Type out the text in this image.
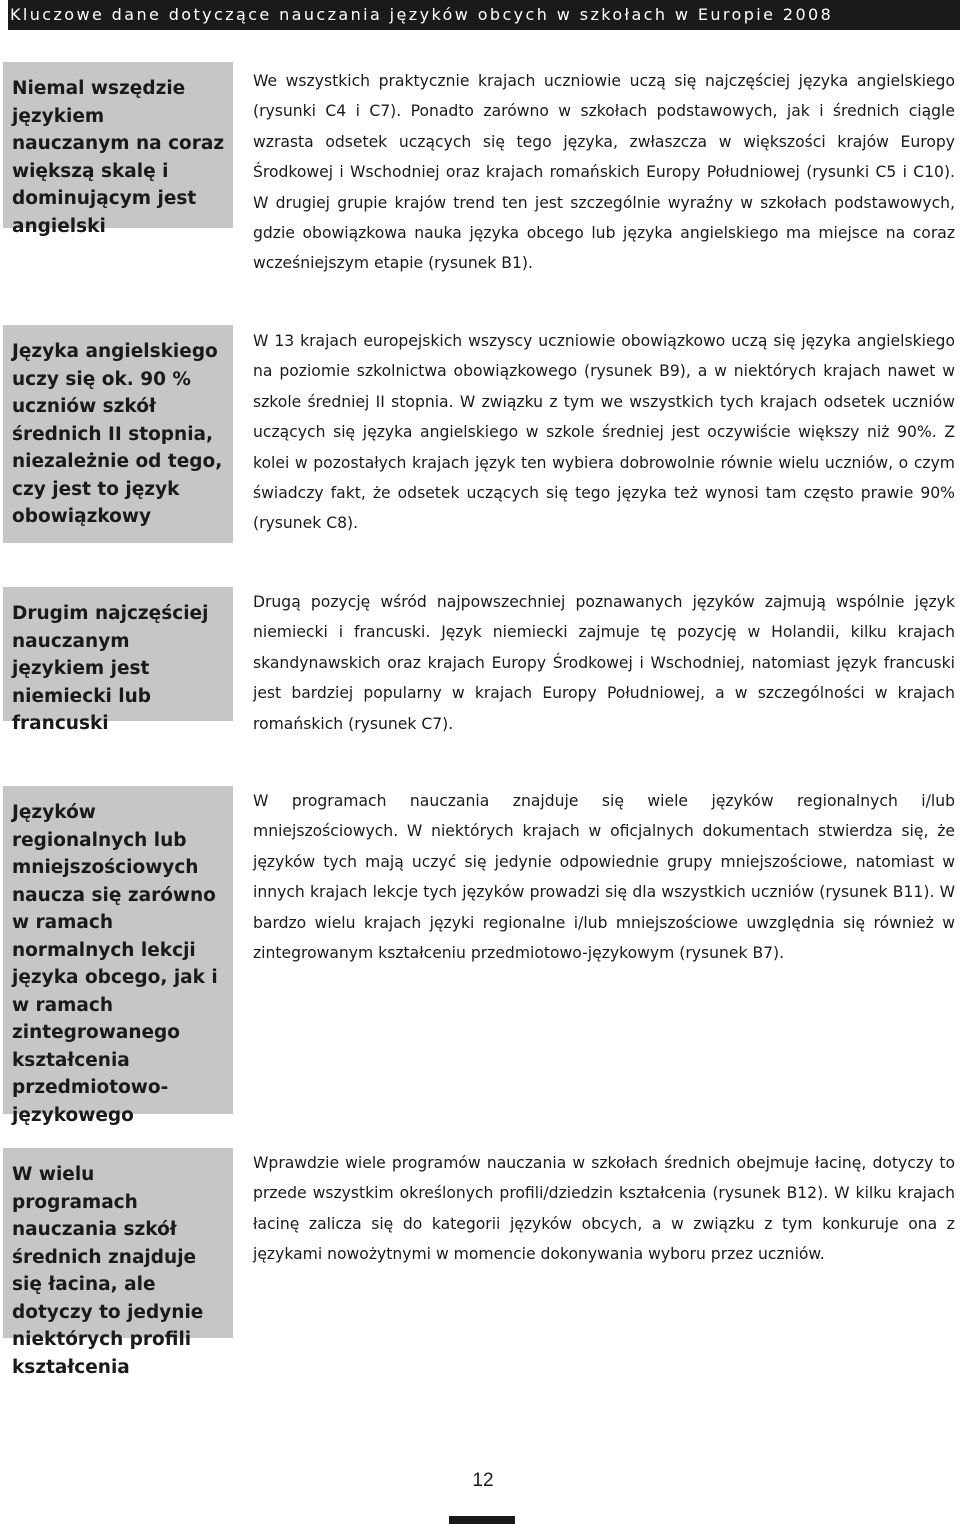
Kluczowe dane dotyczące nauczania języków obcych w szkołach w Europie 2008
Niemal wszędzie językiem nauczanym na coraz większą skalę i dominującym jest angielski
We wszystkich praktycznie krajach uczniowie uczą się najczęściej języka angielskiego (rysunki C4 i C7). Ponadto zarówno w szkołach podstawowych, jak i średnich ciągle wzrasta odsetek uczących się tego języka, zwłaszcza w większości krajów Europy Środkowej i Wschodniej oraz krajach romańskich Europy Południowej (rysunki C5 i C10). W drugiej grupie krajów trend ten jest szczególnie wyraźny w szkołach podstawowych, gdzie obowiązkowa nauka języka obcego lub języka angielskiego ma miejsce na coraz wcześniejszym etapie (rysunek B1).
Języka angielskiego uczy się ok. 90 % uczniów szkół średnich II stopnia, niezależnie od tego, czy jest to język obowiązkowy
W 13 krajach europejskich wszyscy uczniowie obowiązkowo uczą się języka angielskiego na poziomie szkolnictwa obowiązkowego (rysunek B9), a w niektórych krajach nawet w szkole średniej II stopnia. W związku z tym we wszystkich tych krajach odsetek uczniów uczących się języka angielskiego w szkole średniej jest oczywiście większy niż 90%. Z kolei w pozostałych krajach język ten wybiera dobrowolnie równie wielu uczniów, o czym świadczy fakt, że odsetek uczących się tego języka też wynosi tam często prawie 90% (rysunek C8).
Drugim najczęściej nauczanym językiem jest niemiecki lub francuski
Drugą pozycję wśród najpowszechniej poznawanych języków zajmują wspólnie język niemiecki i francuski. Język niemiecki zajmuje tę pozycję w Holandii, kilku krajach skandynawskich oraz krajach Europy Środkowej i Wschodniej, natomiast język francuski jest bardziej popularny w krajach Europy Południowej, a w szczególności w krajach romańskich (rysunek C7).
Języków regionalnych lub mniejszościowych naucza się zarówno w ramach normalnych lekcji języka obcego, jak i w ramach zintegrowanego kształcenia przedmiotowo-językowego
W programach nauczania znajduje się wiele języków regionalnych i/lub mniejszościowych. W niektórych krajach w oficjalnych dokumentach stwierdza się, że języków tych mają uczyć się jedynie odpowiednie grupy mniejszościowe, natomiast w innych krajach lekcje tych języków prowadzi się dla wszystkich uczniów (rysunek B11). W bardzo wielu krajach języki regionalne i/lub mniejszościowe uwzględnia się również w zintegrowanym kształceniu przedmiotowo-językowym (rysunek B7).
W wielu programach nauczania szkół średnich znajduje się łacina, ale dotyczy to jedynie niektórych profili kształcenia
Wprawdzie wiele programów nauczania w szkołach średnich obejmuje łacinę, dotyczy to przede wszystkim określonych profili/dziedzin kształcenia (rysunek B12). W kilku krajach łacinę zalicza się do kategorii języków obcych, a w związku z tym konkuruje ona z językami nowożytnymi w momencie dokonywania wyboru przez uczniów.
12
